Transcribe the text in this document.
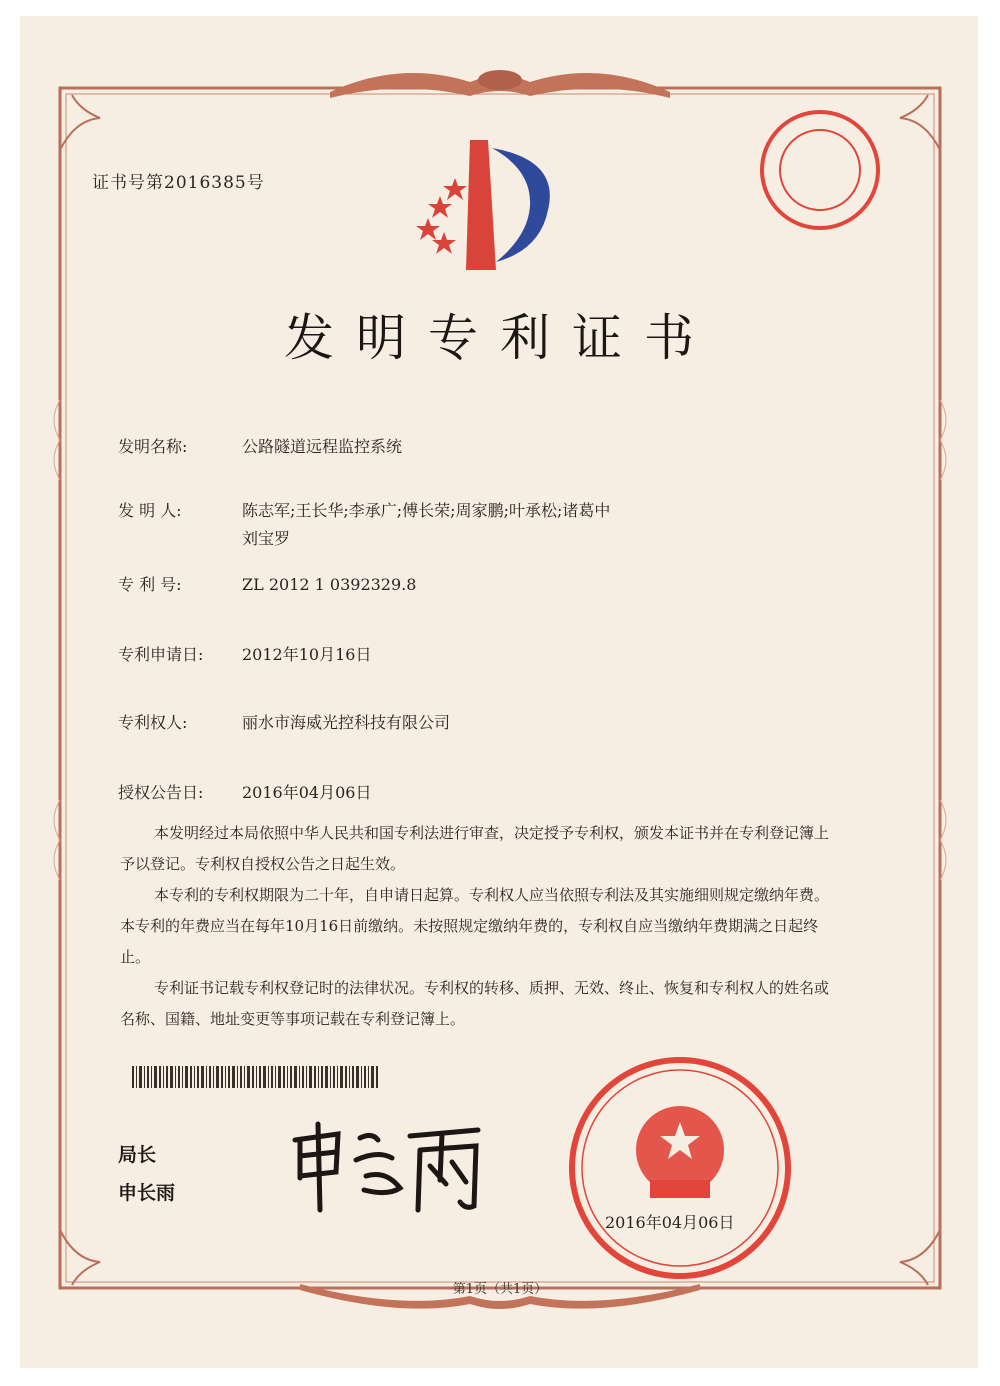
证书号第2016385号
发明专利证书
发明名称:	公路隧道远程监控系统
发 明 人:	陈志军;王长华;李承广;傅长荣;周家鹏;叶承松;诸葛中
刘宝罗
专 利 号:	ZL 2012 1 0392329.8
专利申请日: 2012年10月16日
专利权人:	丽水市海威光控科技有限公司
授权公告日: 2016年04月06日

本发明经过本局依照中华人民共和国专利法进行审查，决定授予专利权，颁发本证书并在专利登记簿上予以登记。专利权自授权公告之日起生效。

本专利的专利权期限为二十年，自申请日起算。专利权人应当依照专利法及其实施细则规定缴纳年费。本专利的年费应当在每年10月16日前缴纳。未按照规定缴纳年费的，专利权自应当缴纳年费期满之日起终止。

专利证书记载专利权登记时的法律状况。专利权的转移、质押、无效、终止、恢复和专利权人的姓名或名称、国籍、地址变更等事项记载在专利登记簿上。

局长
申长雨
2016年04月06日
第1页（共1页）
